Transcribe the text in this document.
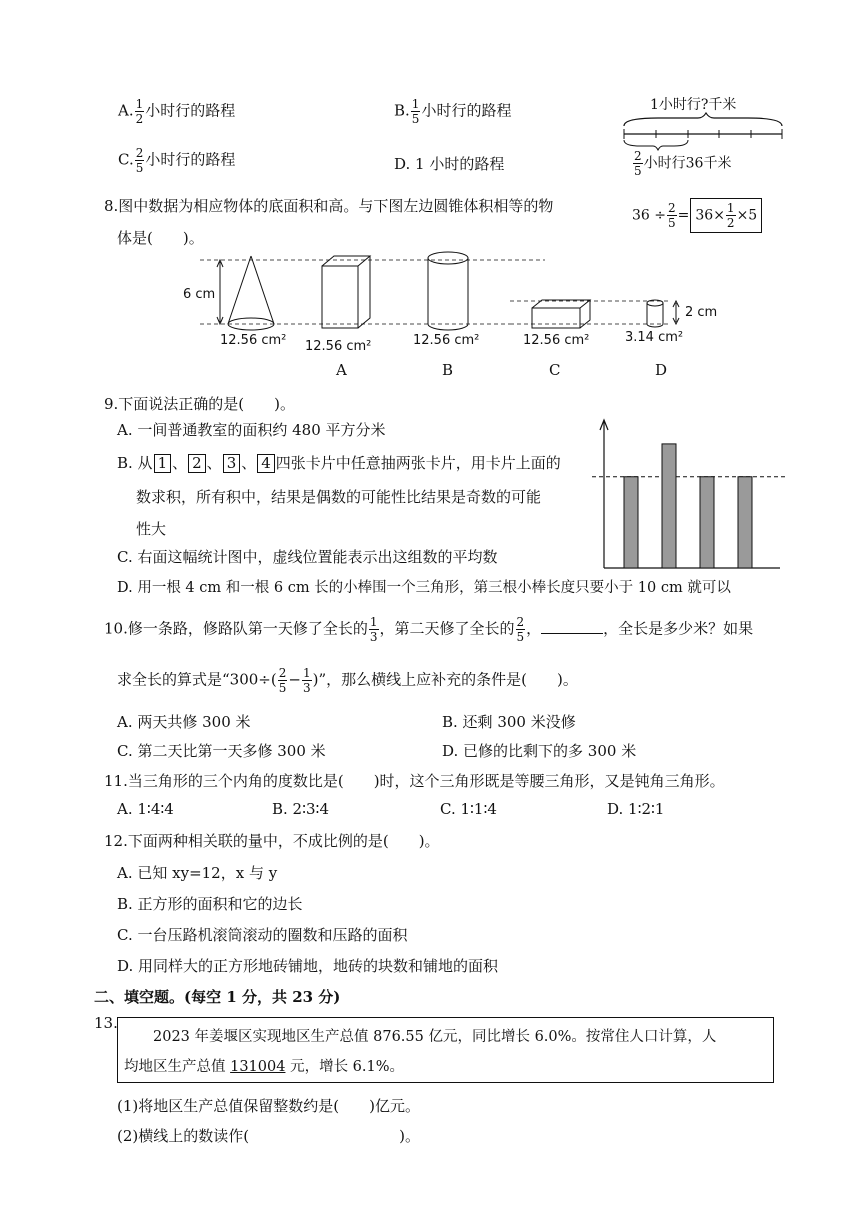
A. $\frac{1}{2}$ 小时行的路程	B. $\frac{1}{5}$ 小时行的路程
C. $\frac{2}{5}$ 小时行的路程	D. 1 小时的路程
1小时行?千米
$\frac{2}{5}$ 小时行36千米
$36 \div \frac{2}{5} = 36\times \frac{1}{2} \times 5$
8.图中数据为相应物体的底面积和高。与下图左边圆锥体积相等的物
体是(　　)。
6 cm
2 cm
12.56 cm² 12.56 cm²	12.56 cm²	12.56 cm²	3.14 cm²
A	B	C	D
9.下面说法正确的是(　　)。
A. 一间普通教室的面积约 480 平方分米
B. 从 1 、 2 、 3 、 4 四张卡片中任意抽两张卡片，用卡片上面的
数求积，所有积中，结果是偶数的可能性比结果是奇数的可能
性大
C. 右面这幅统计图中，虚线位置能表示出这组数的平均数
D. 用一根 4 cm 和一根 6 cm 长的小棒围一个三角形，第三根小棒长度只要小于 10 cm 就可以
10.修一条路，修路队第一天修了全长的 $\frac{1}{3}$ ，第二天修了全长的 $\frac{2}{5}$ ，	，全长是多少米？如果
求全长的算式是“$300\div( \frac{2}{5} - \frac{1}{3}$ )”，那么横线上应补充的条件是(　　)。
A. 两天共修 300 米	B. 还剩 300 米没修
C. 第二天比第一天多修 300 米	D. 已修的比剩下的多 300 米
11.当三角形的三个内角的度数比是(　　)时，这个三角形既是等腰三角形，又是钝角三角形。
A. 1∶4∶4	B. 2∶3∶4	C. 1∶1∶4	D. 1∶2∶1
12.下面两种相关联的量中，不成比例的是(　　)。
A. 已知 xy=12，x 与 y
B. 正方形的面积和它的边长
C. 一台压路机滚筒滚动的圈数和压路的面积
D. 用同样大的正方形地砖铺地，地砖的块数和铺地的面积
二、填空题。(每空 1 分，共 23 分)
13.
2023 年姜堰区实现地区生产总值 876.55 亿元，同比增长 6.0%。按常住人口计算，人
均地区生产总值 131004 元，增长 6.1%。
(1)将地区生产总值保留整数约是(　　)亿元。
(2)横线上的数读作(　　　　　　　　　　)。
